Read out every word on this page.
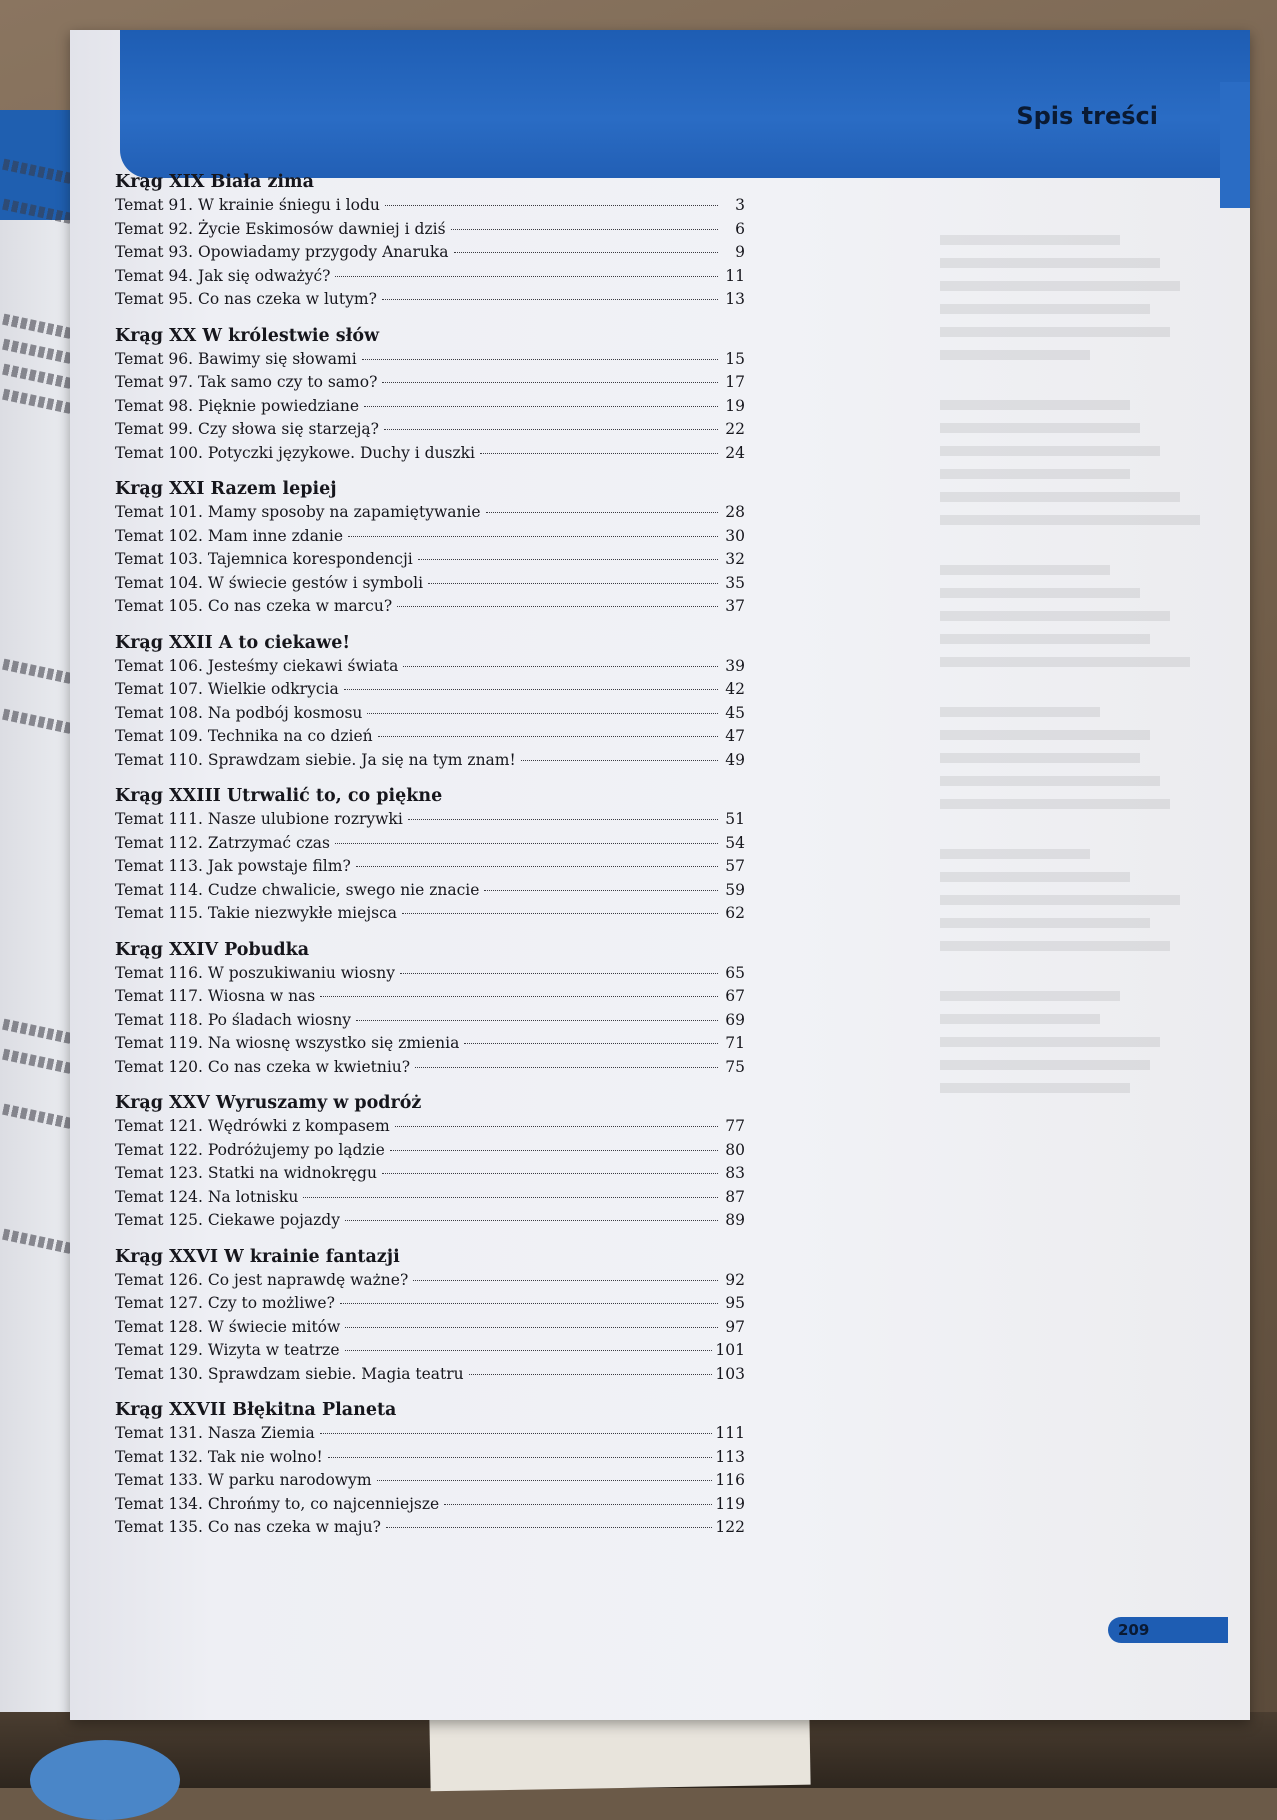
Spis treści
209
Krąg XIX Biała zima
Temat 91. W krainie śniegu i lodu	3
Temat 92. Życie Eskimosów dawniej i dziś	6
Temat 93. Opowiadamy przygody Anaruka	9
Temat 94. Jak się odważyć?	11
Temat 95. Co nas czeka w lutym?	13
Krąg XX W królestwie słów
Temat 96. Bawimy się słowami	15
Temat 97. Tak samo czy to samo?	17
Temat 98. Pięknie powiedziane	19
Temat 99. Czy słowa się starzeją?	22
Temat 100. Potyczki językowe. Duchy i duszki	24
Krąg XXI Razem lepiej
Temat 101. Mamy sposoby na zapamiętywanie	28
Temat 102. Mam inne zdanie	30
Temat 103. Tajemnica korespondencji	32
Temat 104. W świecie gestów i symboli	35
Temat 105. Co nas czeka w marcu?	37
Krąg XXII A to ciekawe!
Temat 106. Jesteśmy ciekawi świata	39
Temat 107. Wielkie odkrycia	42
Temat 108. Na podbój kosmosu	45
Temat 109. Technika na co dzień	47
Temat 110. Sprawdzam siebie. Ja się na tym znam!	49
Krąg XXIII Utrwalić to, co piękne
Temat 111. Nasze ulubione rozrywki	51
Temat 112. Zatrzymać czas	54
Temat 113. Jak powstaje film?	57
Temat 114. Cudze chwalicie, swego nie znacie	59
Temat 115. Takie niezwykłe miejsca	62
Krąg XXIV Pobudka
Temat 116. W poszukiwaniu wiosny	65
Temat 117. Wiosna w nas	67
Temat 118. Po śladach wiosny	69
Temat 119. Na wiosnę wszystko się zmienia	71
Temat 120. Co nas czeka w kwietniu?	75
Krąg XXV Wyruszamy w podróż
Temat 121. Wędrówki z kompasem	77
Temat 122. Podróżujemy po lądzie	80
Temat 123. Statki na widnokręgu	83
Temat 124. Na lotnisku	87
Temat 125. Ciekawe pojazdy	89
Krąg XXVI W krainie fantazji
Temat 126. Co jest naprawdę ważne?	92
Temat 127. Czy to możliwe?	95
Temat 128. W świecie mitów	97
Temat 129. Wizyta w teatrze	101
Temat 130. Sprawdzam siebie. Magia teatru	103
Krąg XXVII Błękitna Planeta
Temat 131. Nasza Ziemia	111
Temat 132. Tak nie wolno!	113
Temat 133. W parku narodowym	116
Temat 134. Chrońmy to, co najcenniejsze	119
Temat 135. Co nas czeka w maju?	122
